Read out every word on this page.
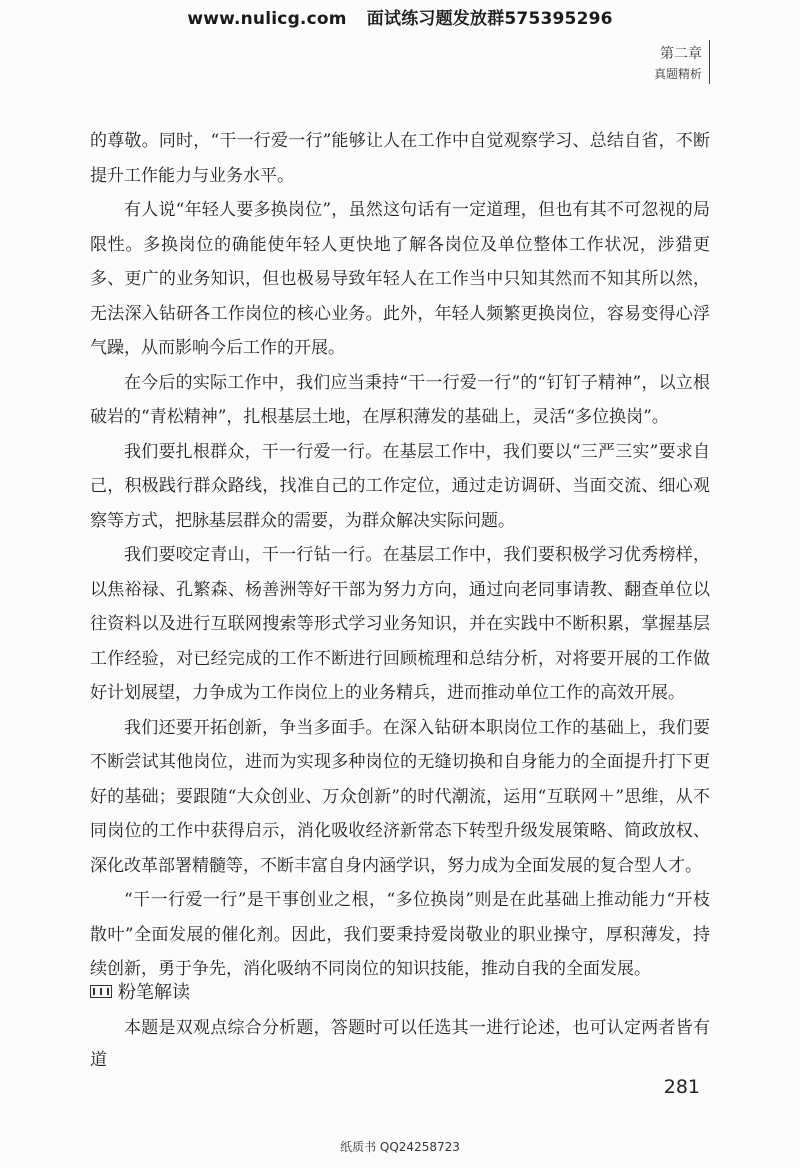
www.nulicg.com 面试练习题发放群575395296
第二章
真题精析

的尊敬。同时，“干一行爱一行”能够让人在工作中自觉观察学习、总结自省，不断提升工作能力与业务水平。

有人说“年轻人要多换岗位”，虽然这句话有一定道理，但也有其不可忽视的局限性。多换岗位的确能使年轻人更快地了解各岗位及单位整体工作状况，涉猎更多、更广的业务知识，但也极易导致年轻人在工作当中只知其然而不知其所以然，无法深入钻研各工作岗位的核心业务。此外，年轻人频繁更换岗位，容易变得心浮气躁，从而影响今后工作的开展。

在今后的实际工作中，我们应当秉持“干一行爱一行”的“钉钉子精神”，以立根破岩的“青松精神”，扎根基层土地，在厚积薄发的基础上，灵活“多位换岗”。

我们要扎根群众，干一行爱一行。在基层工作中，我们要以“三严三实”要求自己，积极践行群众路线，找准自己的工作定位，通过走访调研、当面交流、细心观察等方式，把脉基层群众的需要，为群众解决实际问题。

我们要咬定青山，干一行钻一行。在基层工作中，我们要积极学习优秀榜样，以焦裕禄、孔繁森、杨善洲等好干部为努力方向，通过向老同事请教、翻查单位以往资料以及进行互联网搜索等形式学习业务知识，并在实践中不断积累，掌握基层工作经验，对已经完成的工作不断进行回顾梳理和总结分析，对将要开展的工作做好计划展望，力争成为工作岗位上的业务精兵，进而推动单位工作的高效开展。

我们还要开拓创新，争当多面手。在深入钻研本职岗位工作的基础上，我们要不断尝试其他岗位，进而为实现多种岗位的无缝切换和自身能力的全面提升打下更好的基础；要跟随“大众创业、万众创新”的时代潮流，运用“互联网＋”思维，从不同岗位的工作中获得启示，消化吸收经济新常态下转型升级发展策略、简政放权、深化改革部署精髓等，不断丰富自身内涵学识，努力成为全面发展的复合型人才。

“干一行爱一行”是干事创业之根，“多位换岗”则是在此基础上推动能力“开枝散叶”全面发展的催化剂。因此，我们要秉持爱岗敬业的职业操守，厚积薄发，持续创新，勇于争先，消化吸纳不同岗位的知识技能，推动自我的全面发展。

粉笔解读

本题是双观点综合分析题，答题时可以任选其一进行论述，也可认定两者皆有道

281
纸质书 QQ24258723
